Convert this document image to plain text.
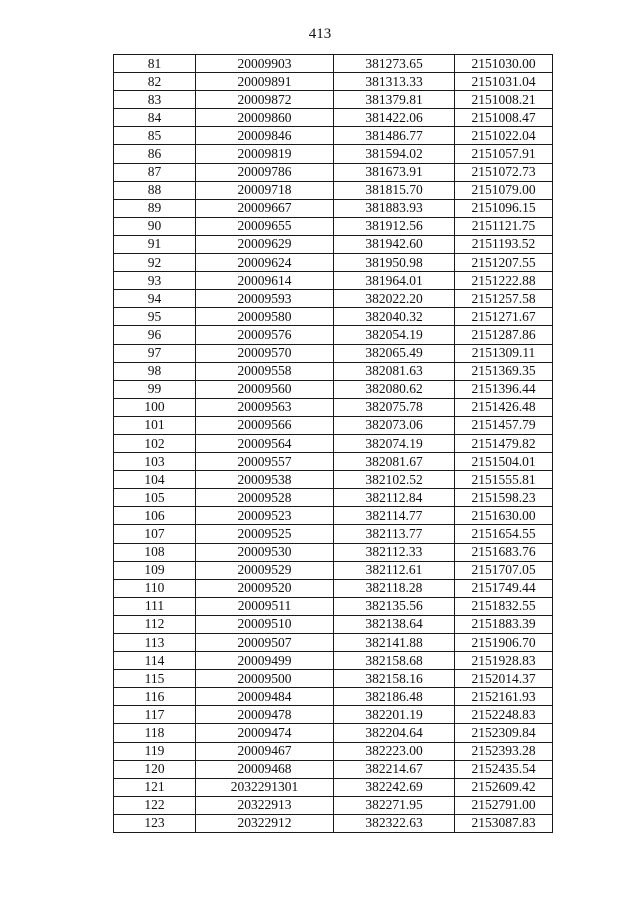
413
81	20009903	381273.65	2151030.00
82	20009891	381313.33	2151031.04
83	20009872	381379.81	2151008.21
84	20009860	381422.06	2151008.47
85	20009846	381486.77	2151022.04
86	20009819	381594.02	2151057.91
87	20009786	381673.91	2151072.73
88	20009718	381815.70	2151079.00
89	20009667	381883.93	2151096.15
90	20009655	381912.56	2151121.75
91	20009629	381942.60	2151193.52
92	20009624	381950.98	2151207.55
93	20009614	381964.01	2151222.88
94	20009593	382022.20	2151257.58
95	20009580	382040.32	2151271.67
96	20009576	382054.19	2151287.86
97	20009570	382065.49	2151309.11
98	20009558	382081.63	2151369.35
99	20009560	382080.62	2151396.44
100	20009563	382075.78	2151426.48
101	20009566	382073.06	2151457.79
102	20009564	382074.19	2151479.82
103	20009557	382081.67	2151504.01
104	20009538	382102.52	2151555.81
105	20009528	382112.84	2151598.23
106	20009523	382114.77	2151630.00
107	20009525	382113.77	2151654.55
108	20009530	382112.33	2151683.76
109	20009529	382112.61	2151707.05
110	20009520	382118.28	2151749.44
111	20009511	382135.56	2151832.55
112	20009510	382138.64	2151883.39
113	20009507	382141.88	2151906.70
114	20009499	382158.68	2151928.83
115	20009500	382158.16	2152014.37
116	20009484	382186.48	2152161.93
117	20009478	382201.19	2152248.83
118	20009474	382204.64	2152309.84
119	20009467	382223.00	2152393.28
120	20009468	382214.67	2152435.54
121	2032291301	382242.69	2152609.42
122	20322913	382271.95	2152791.00
123	20322912	382322.63	2153087.83
